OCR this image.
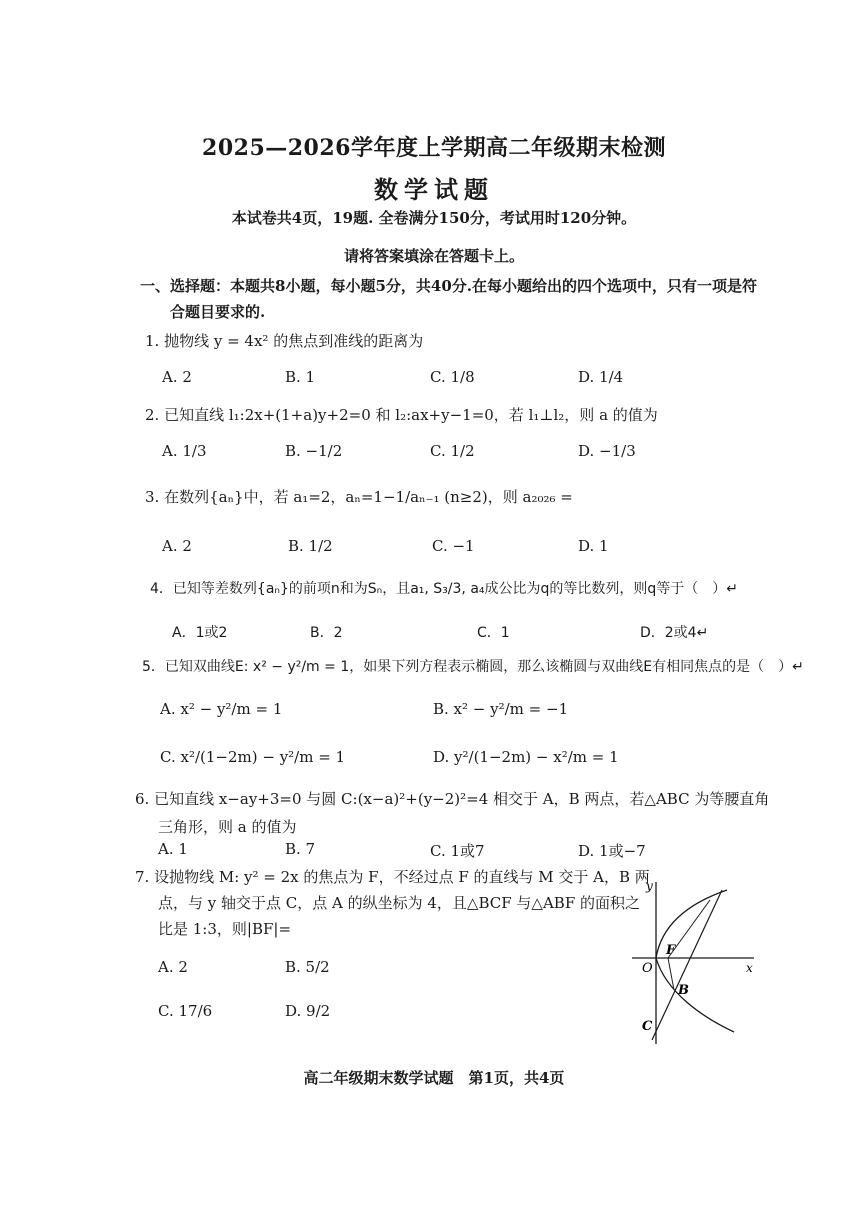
2025—2026学年度上学期高二年级期末检测
数学试题
本试卷共4页，19题. 全卷满分150分，考试用时120分钟。
请将答案填涂在答题卡上。
一、选择题：本题共8小题，每小题5分，共40分.在每小题给出的四个选项中，只有一项是符
合题目要求的.
1. 抛物线 y = 4x² 的焦点到准线的距离为
A. 2	B. 1	C. 1/8	D. 1/4
2. 已知直线 l₁:2x+(1+a)y+2=0 和 l₂:ax+y−1=0，若 l₁⊥l₂，则 a 的值为
A. 1/3	B. −1/2	C. 1/2	D. −1/3
3. 在数列{aₙ}中，若 a₁=2，aₙ=1−1/aₙ₋₁ (n≥2)，则 a₂₀₂₆ =
A. 2	B. 1/2	C. −1	D. 1
4．已知等差数列{aₙ}的前项n和为Sₙ，且a₁, S₃/3, a₄成公比为q的等比数列，则q等于（　）↵
A．1或2	B．2	C．1	D．2或4↵
5．已知双曲线E: x² − y²/m = 1，如果下列方程表示椭圆，那么该椭圆与双曲线E有相同焦点的是（　）↵
A. x² − y²/m = 1	B. x² − y²/m = −1
C. x²/(1−2m) − y²/m = 1	D. y²/(1−2m) − x²/m = 1
6. 已知直线 x−ay+3=0 与圆 C:(x−a)²+(y−2)²=4 相交于 A，B 两点，若△ABC 为等腰直角
三角形，则 a 的值为
A. 1	B. 7	C. 1或7	D. 1或−7
7. 设抛物线 M: y² = 2x 的焦点为 F，不经过点 F 的直线与 M 交于 A，B 两
点，与 y 轴交于点 C，点 A 的纵坐标为 4，且△BCF 与△ABF 的面积之
比是 1:3，则|BF|=
A. 2	B. 5/2
C. 17/6	D. 9/2
y
x
O
F
B
C
高二年级期末数学试题　第1页，共4页
